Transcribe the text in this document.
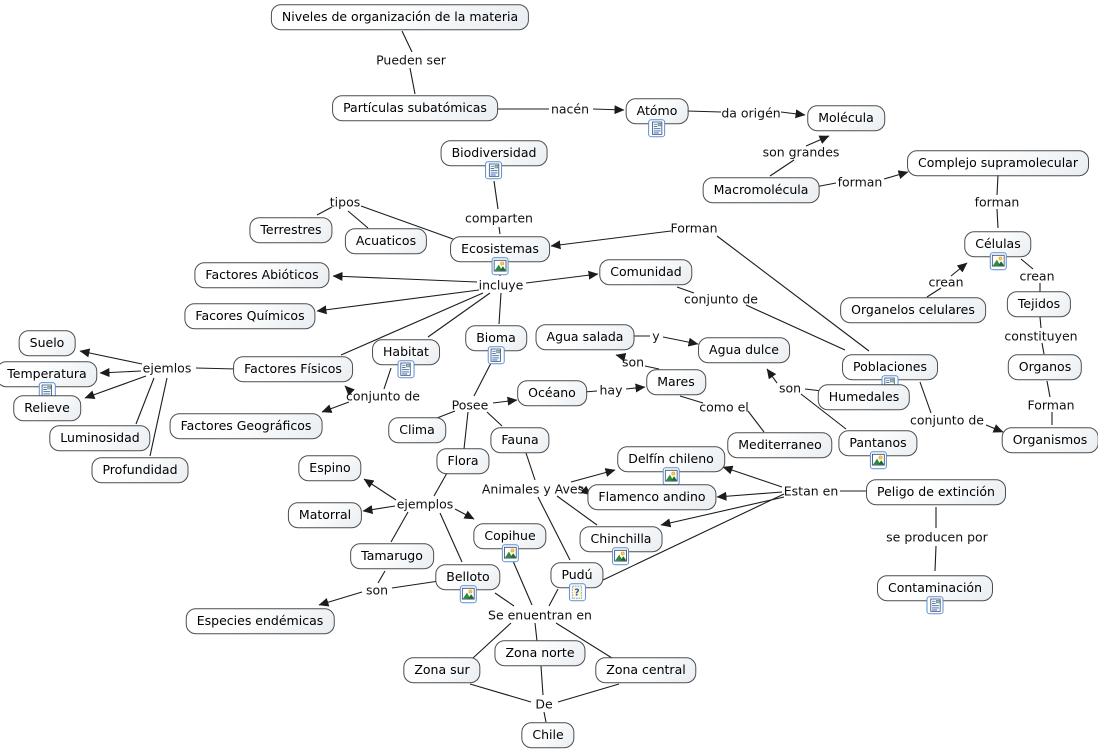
Pueden ser
nacén	da origén
son grandes
forman
forman
crean	crean
constituyen
Forman
conjunto de
comparten
tipos
Forman
incluye
conjunto de
ejemlos
conjunto de
Posee
hay
son
y
como el
son
Animales y Aves
ejemplos
son
Se enuentran en
De
Estan en
se producen por
Niveles de organización de la materia
Partículas subatómicas	Atómo	Molécula
Macromolécula
Complejo supramolecular
Células
Organelos celulares	Tejidos
Organos
Organismos
Biodiversidad
Ecosistemas
Terrestres
Acuaticos
Comunidad
Factores Abióticos
Facores Químicos
Factores Físicos
Factores Geográficos
Suelo
Temperatura
Relieve
Luminosidad
Profundidad
Habitat
Bioma	Agua salada
Agua dulce
Mares
Océano
Mediterraneo
Poblaciones
Humedales
Pantanos
Clima
Flora
Fauna
Espino
Matorral
Tamarugo
Copihue
Belloto	Pudú
?
Delfín chileno
Flamenco andino
Chinchilla
Peligo de extinción
Contaminación
Especies endémicas
Zona sur
Zona norte
Zona central
Chile
